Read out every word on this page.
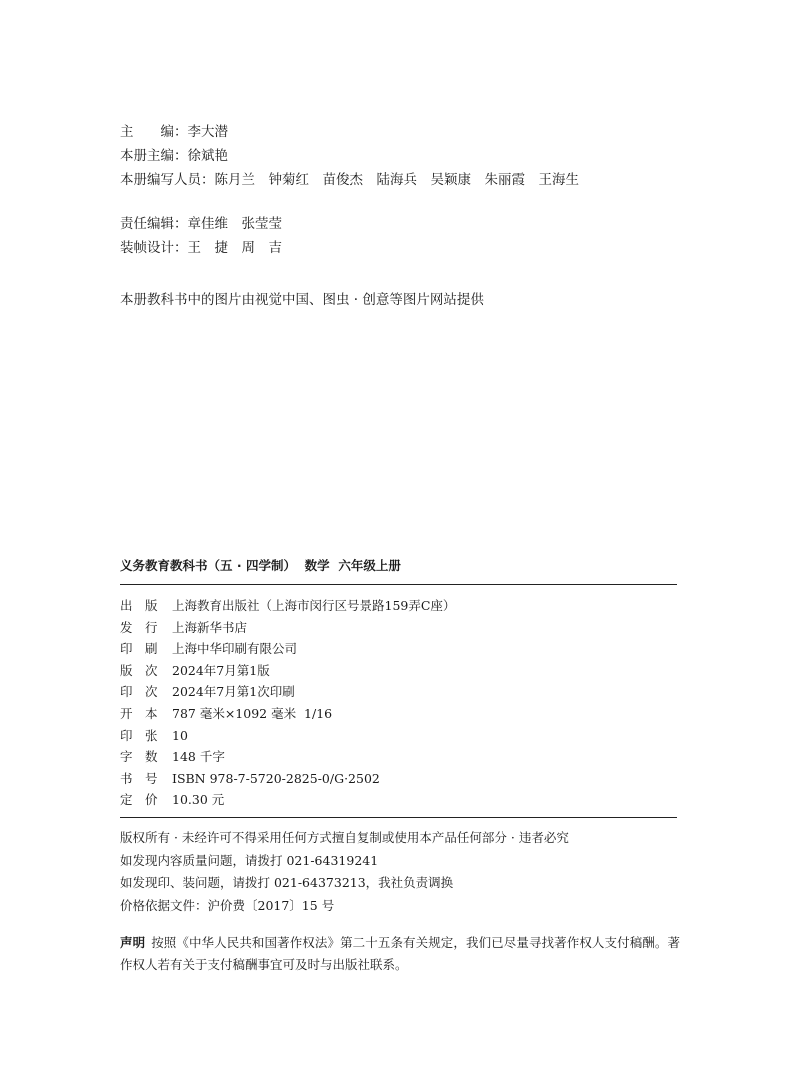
主　　编：李大潜
本册主编：徐斌艳
本册编写人员：陈月兰　钟菊红　苗俊杰　陆海兵　吴颖康　朱丽霞　王海生
责任编辑：章佳维　张莹莹
装帧设计：王　捷　周　吉
本册教科书中的图片由视觉中国、图虫 · 创意等图片网站提供
义务教育教科书（五 · 四学制）  数学  六年级上册
出　版 上海教育出版社（上海市闵行区号景路159弄C座）
发　行 上海新华书店
印　刷 上海中华印刷有限公司
版　次 2024年7月第1版
印　次 2024年7月第1次印刷
开　本 787 毫米×1092 毫米  1/16
印　张 10
字　数 148 千字
书　号 ISBN 978-7-5720-2825-0/G·2502
定　价 10.30 元
版权所有 · 未经许可不得采用任何方式擅自复制或使用本产品任何部分 · 违者必究
如发现内容质量问题，请拨打 021-64319241
如发现印、装问题，请拨打 021-64373213，我社负责调换
价格依据文件：沪价费〔2017〕15 号
声明 按照《中华人民共和国著作权法》第二十五条有关规定，我们已尽量寻找著作权人支付稿酬。著作权人若有关于支付稿酬事宜可及时与出版社联系。
